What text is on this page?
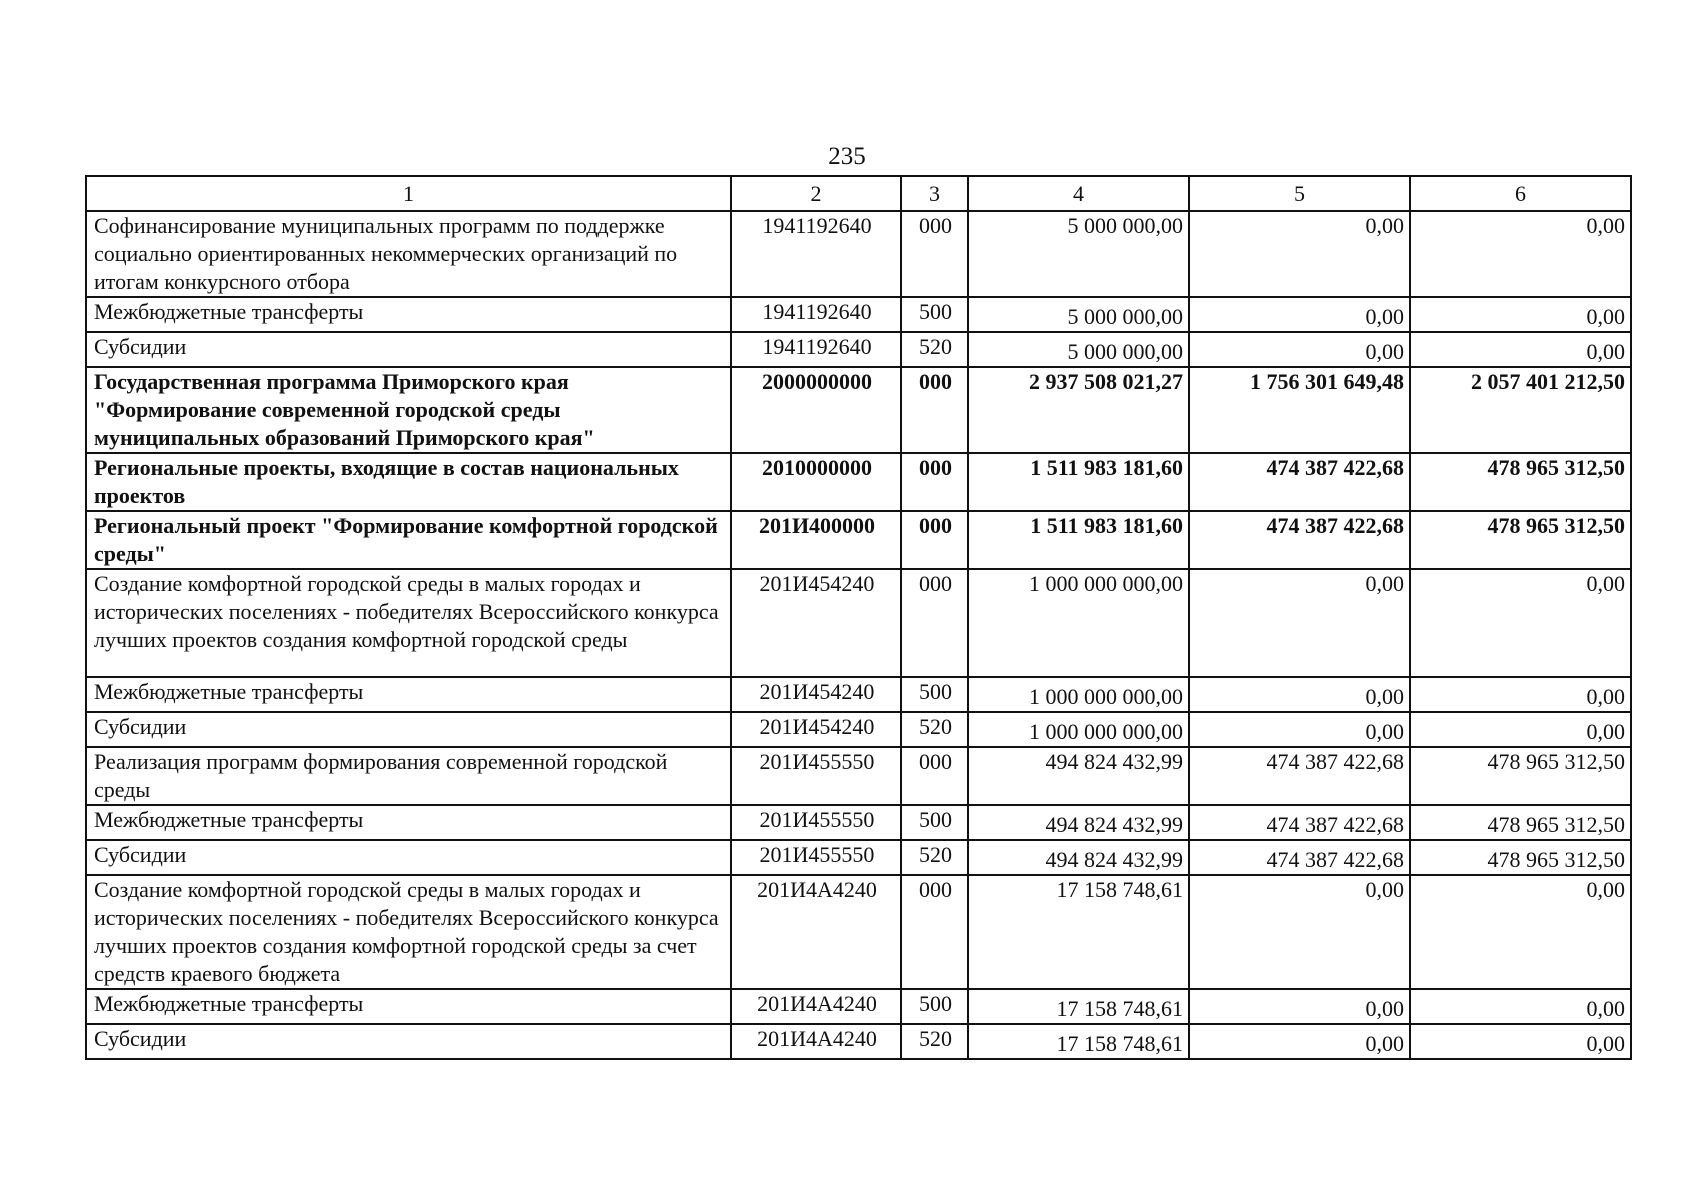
235
1	2	3	4	5	6
Софинансирование муниципальных программ по поддержке социально ориентированных некоммерческих организаций по итогам конкурсного отбора	1941192640	000	5 000 000,00	0,00	0,00
Межбюджетные трансферты	1941192640	500	5 000 000,00	0,00	0,00
Субсидии	1941192640	520	5 000 000,00	0,00	0,00
Государственная программа Приморского края "Формирование современной городской среды муниципальных образований Приморского края"	2000000000	000	2 937 508 021,27	1 756 301 649,48	2 057 401 212,50
Региональные проекты, входящие в состав национальных проектов	2010000000	000	1 511 983 181,60	474 387 422,68	478 965 312,50
Региональный проект "Формирование комфортной городской среды"	201И400000	000	1 511 983 181,60	474 387 422,68	478 965 312,50
Создание комфортной городской среды в малых городах и исторических поселениях - победителях Всероссийского конкурса лучших проектов создания комфортной городской среды	201И454240	000	1 000 000 000,00	0,00	0,00
Межбюджетные трансферты	201И454240	500	1 000 000 000,00	0,00	0,00
Субсидии	201И454240	520	1 000 000 000,00	0,00	0,00
Реализация программ формирования современной городской среды	201И455550	000	494 824 432,99	474 387 422,68	478 965 312,50
Межбюджетные трансферты	201И455550	500	494 824 432,99	474 387 422,68	478 965 312,50
Субсидии	201И455550	520	494 824 432,99	474 387 422,68	478 965 312,50
Создание комфортной городской среды в малых городах и исторических поселениях - победителях Всероссийского конкурса лучших проектов создания комфортной городской среды за счет средств краевого бюджета	201И4А4240	000	17 158 748,61	0,00	0,00
Межбюджетные трансферты	201И4А4240	500	17 158 748,61	0,00	0,00
Субсидии	201И4А4240	520	17 158 748,61	0,00	0,00
